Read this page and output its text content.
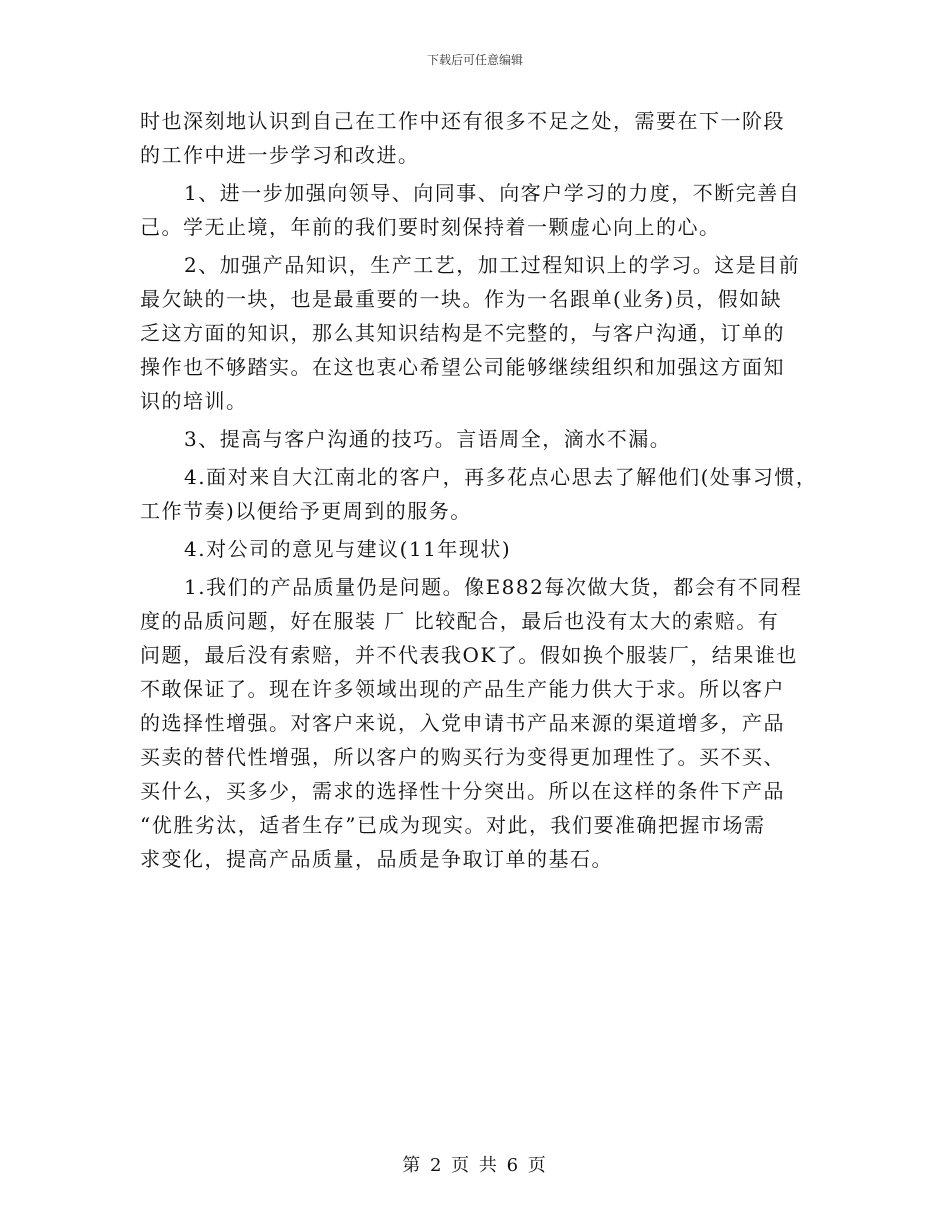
下载后可任意编辑
时也深刻地认识到自己在工作中还有很多不足之处，需要在下一阶段
的工作中进一步学习和改进。
1、进一步加强向领导、向同事、向客户学习的力度，不断完善自
己。学无止境，年前的我们要时刻保持着一颗虚心向上的心。
2、加强产品知识，生产工艺，加工过程知识上的学习。这是目前
最欠缺的一块，也是最重要的一块。作为一名跟单(业务)员，假如缺
乏这方面的知识，那么其知识结构是不完整的，与客户沟通，订单的
操作也不够踏实。在这也衷心希望公司能够继续组织和加强这方面知
识的培训。
3、提高与客户沟通的技巧。言语周全，滴水不漏。
4.面对来自大江南北的客户，再多花点心思去了解他们(处事习惯，
工作节奏)以便给予更周到的服务。
4.对公司的意见与建议(11年现状)
1.我们的产品质量仍是问题。像E882每次做大货，都会有不同程
度的品质问题，好在服装 厂 比较配合，最后也没有太大的索赔。有
问题，最后没有索赔，并不代表我OK了。假如换个服装厂，结果谁也
不敢保证了。现在许多领域出现的产品生产能力供大于求。所以客户
的选择性增强。对客户来说，入党申请书产品来源的渠道增多，产品
买卖的替代性增强，所以客户的购买行为变得更加理性了。买不买、
买什么，买多少，需求的选择性十分突出。所以在这样的条件下产品
“优胜劣汰，适者生存”已成为现实。对此，我们要准确把握市场需
求变化，提高产品质量，品质是争取订单的基石。
第 2 页 共 6 页
